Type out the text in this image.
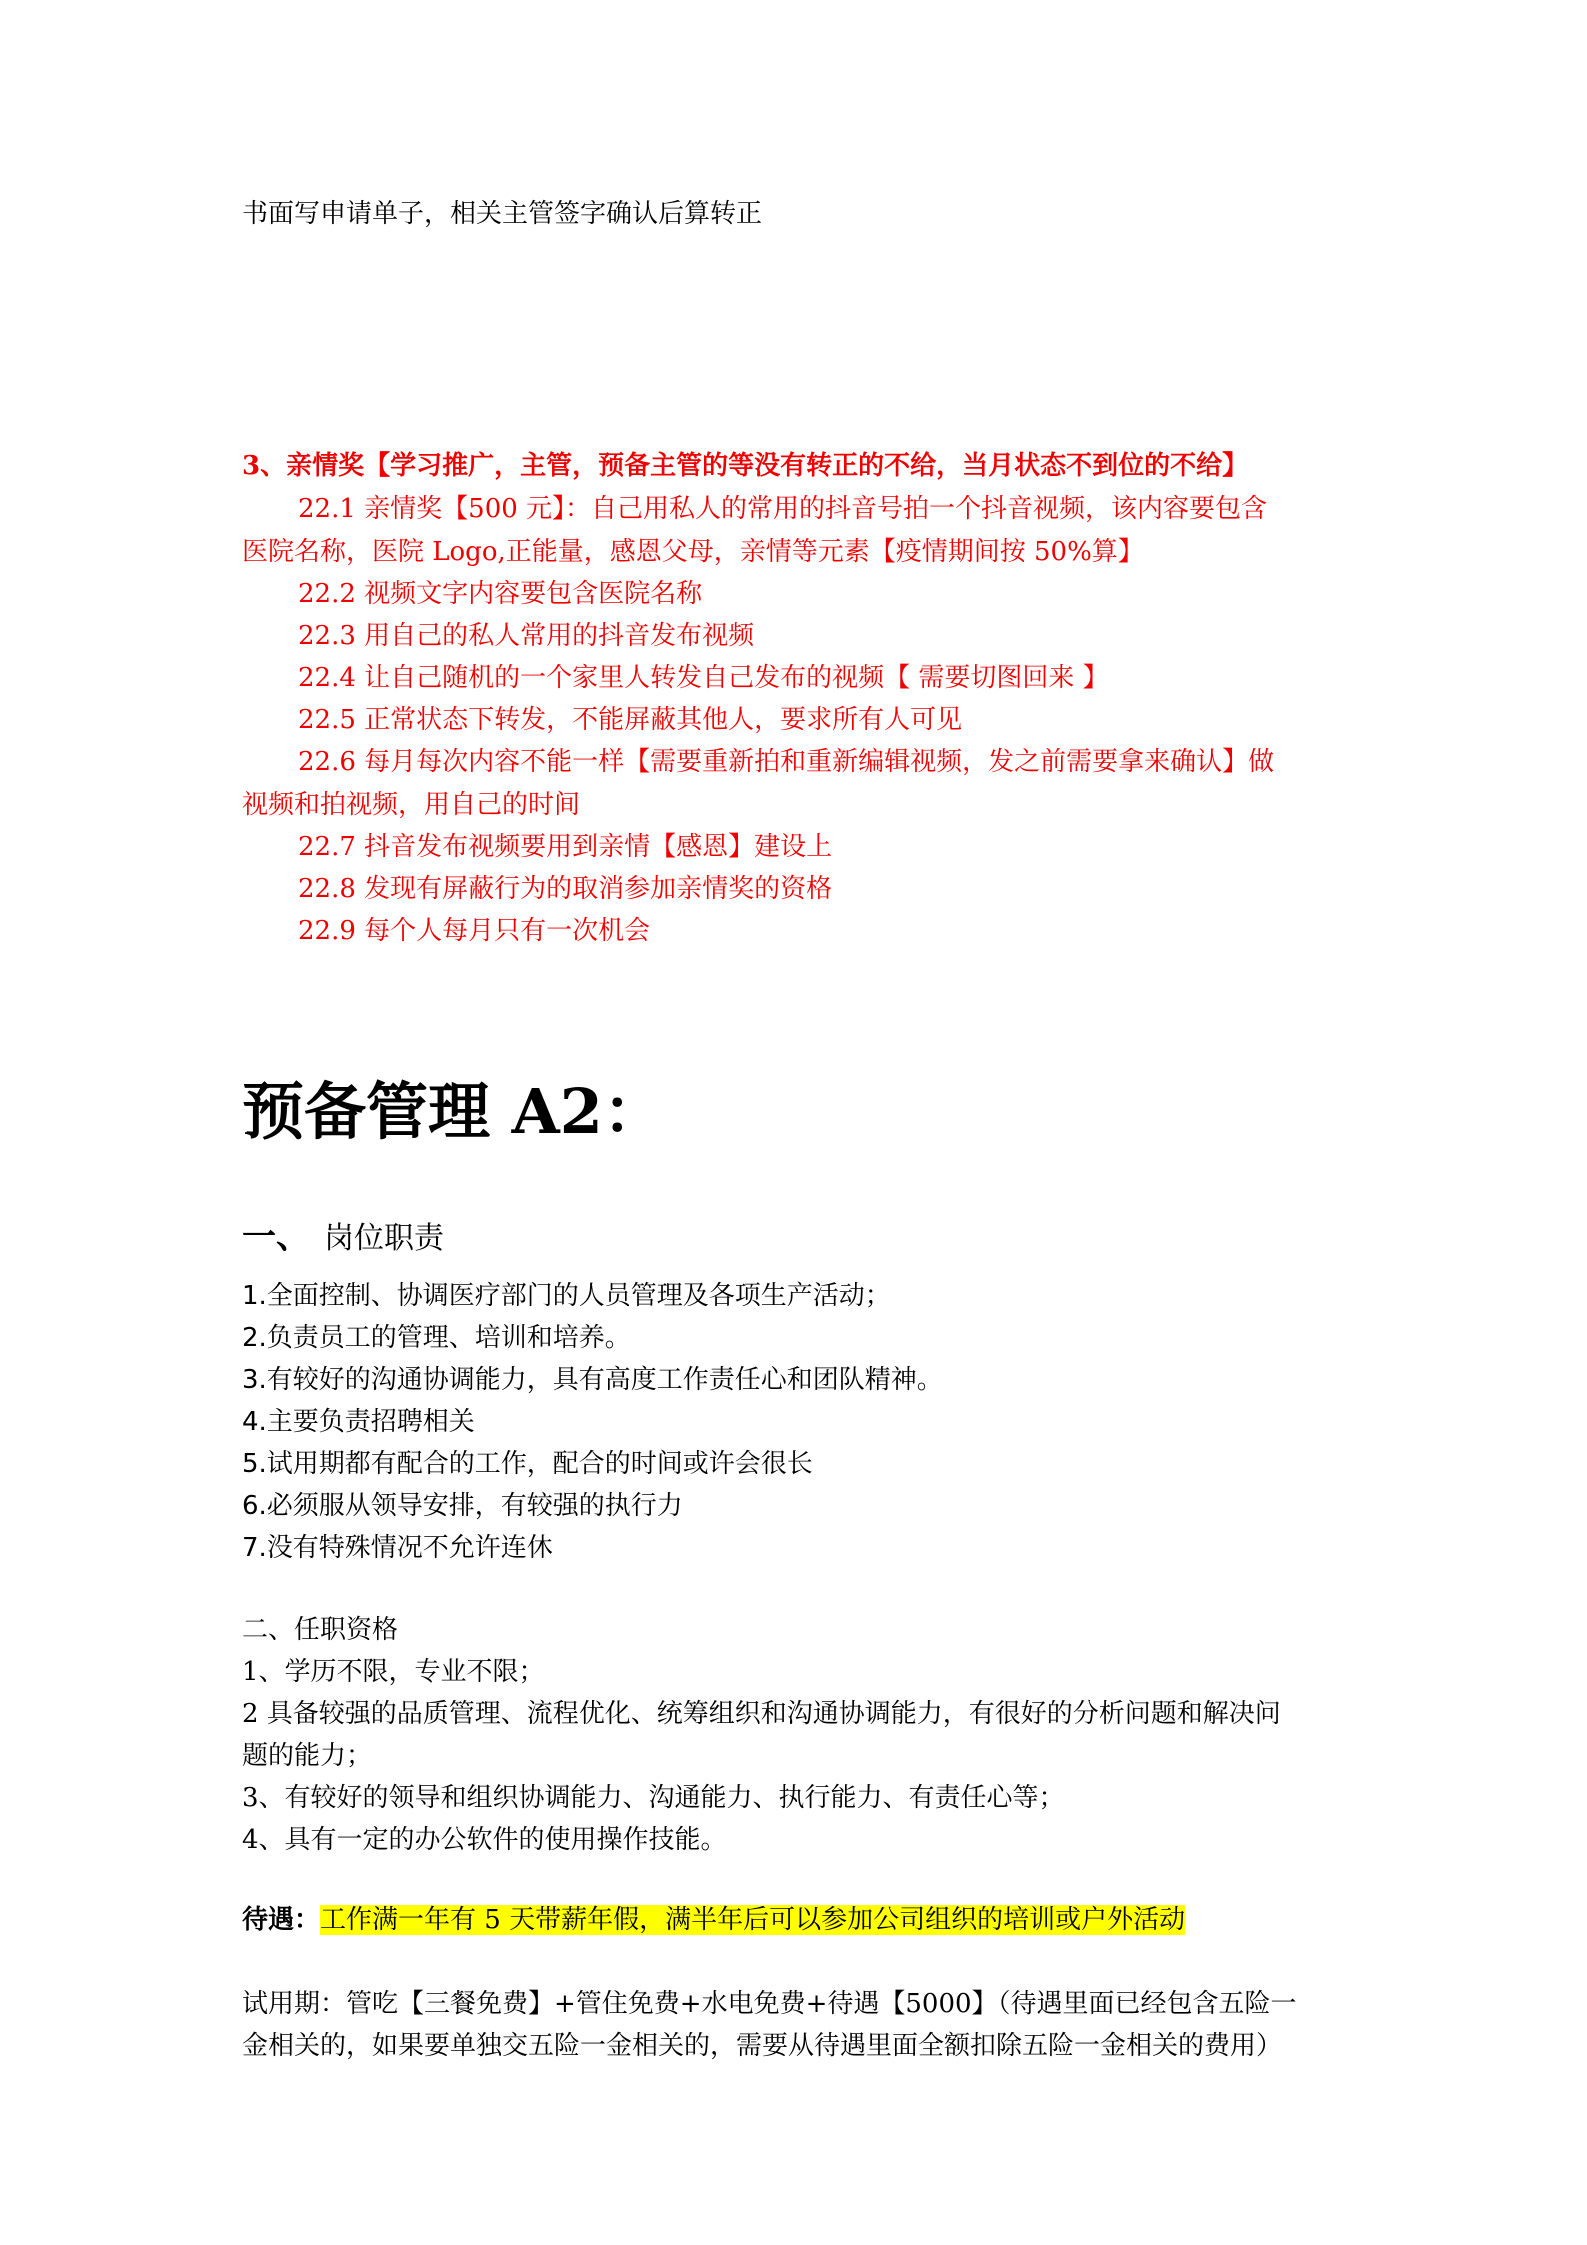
书面写申请单子，相关主管签字确认后算转正
3、亲情奖【学习推广，主管，预备主管的等没有转正的不给，当月状态不到位的不给】
22.1 亲情奖【500 元】：自己用私人的常用的抖音号拍一个抖音视频，该内容要包含
医院名称，医院 Logo,正能量，感恩父母，亲情等元素【疫情期间按 50%算】
22.2 视频文字内容要包含医院名称
22.3 用自己的私人常用的抖音发布视频
22.4 让自己随机的一个家里人转发自己发布的视频【 需要切图回来 】
22.5 正常状态下转发，不能屏蔽其他人，要求所有人可见
22.6 每月每次内容不能一样【需要重新拍和重新编辑视频，发之前需要拿来确认】做
视频和拍视频，用自己的时间
22.7 抖音发布视频要用到亲情【感恩】建设上
22.8 发现有屏蔽行为的取消参加亲情奖的资格
22.9 每个人每月只有一次机会
预备管理 A2：
一、 岗位职责
1.全面控制、协调医疗部门的人员管理及各项生产活动；
2.负责员工的管理、培训和培养。
3.有较好的沟通协调能力，具有高度工作责任心和团队精神。
4.主要负责招聘相关
5.试用期都有配合的工作，配合的时间或许会很长
6.必须服从领导安排，有较强的执行力
7.没有特殊情况不允许连休
二、任职资格
1、学历不限，专业不限；
2 具备较强的品质管理、流程优化、统筹组织和沟通协调能力，有很好的分析问题和解决问
题的能力；
3、有较好的领导和组织协调能力、沟通能力、执行能力、有责任心等；
4、具有一定的办公软件的使用操作技能。
待遇：工作满一年有 5 天带薪年假，满半年后可以参加公司组织的培训或户外活动
试用期：管吃【三餐免费】+管住免费+水电免费+待遇【5000】（待遇里面已经包含五险一
金相关的，如果要单独交五险一金相关的，需要从待遇里面全额扣除五险一金相关的费用）
